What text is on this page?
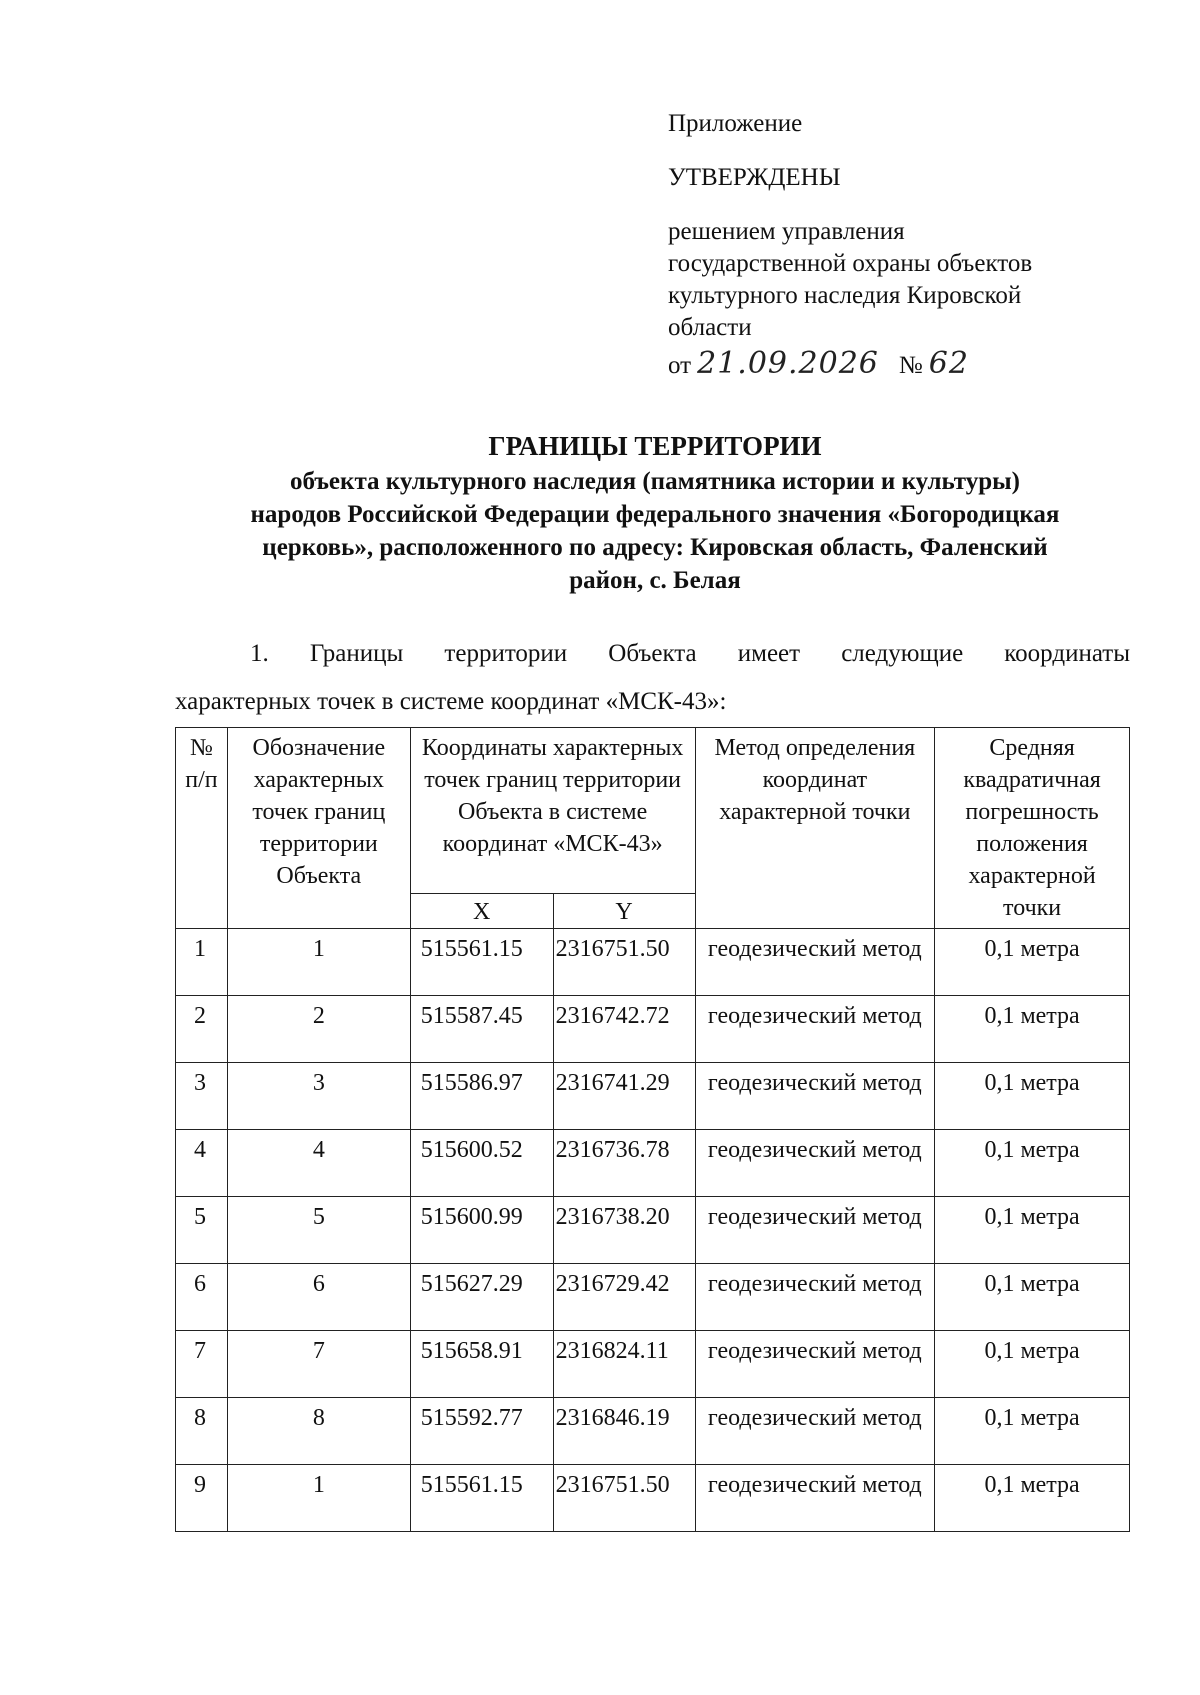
Приложение

УТВЕРЖДЕНЫ

решением управления

государственной охраны объектов

культурного наследия Кировской

области

от 21.09.2026 № 62
ГРАНИЦЫ ТЕРРИТОРИИ
объекта культурного наследия (памятника истории и культуры)
народов Российской Федерации федерального значения «Богородицкая
церковь», расположенного по адресу: Кировская область, Фаленский
район, с. Белая
1. Границы территории Объекта имеет следующие координаты
характерных точек в системе координат «МСК-43»:
№ п/п	Обозначение характерных точек границ территории Объекта	Координаты характерных точек границ территории Объекта в системе координат «МСК-43»		Метод определения координат характерной точки	Средняя квадратичная погрешность положения характерной точки
		X	Y		
1	1	515561.15	2316751.50	геодезический метод	0,1 метра
2	2	515587.45	2316742.72	геодезический метод	0,1 метра
3	3	515586.97	2316741.29	геодезический метод	0,1 метра
4	4	515600.52	2316736.78	геодезический метод	0,1 метра
5	5	515600.99	2316738.20	геодезический метод	0,1 метра
6	6	515627.29	2316729.42	геодезический метод	0,1 метра
7	7	515658.91	2316824.11	геодезический метод	0,1 метра
8	8	515592.77	2316846.19	геодезический метод	0,1 метра
9	1	515561.15	2316751.50	геодезический метод	0,1 метра
